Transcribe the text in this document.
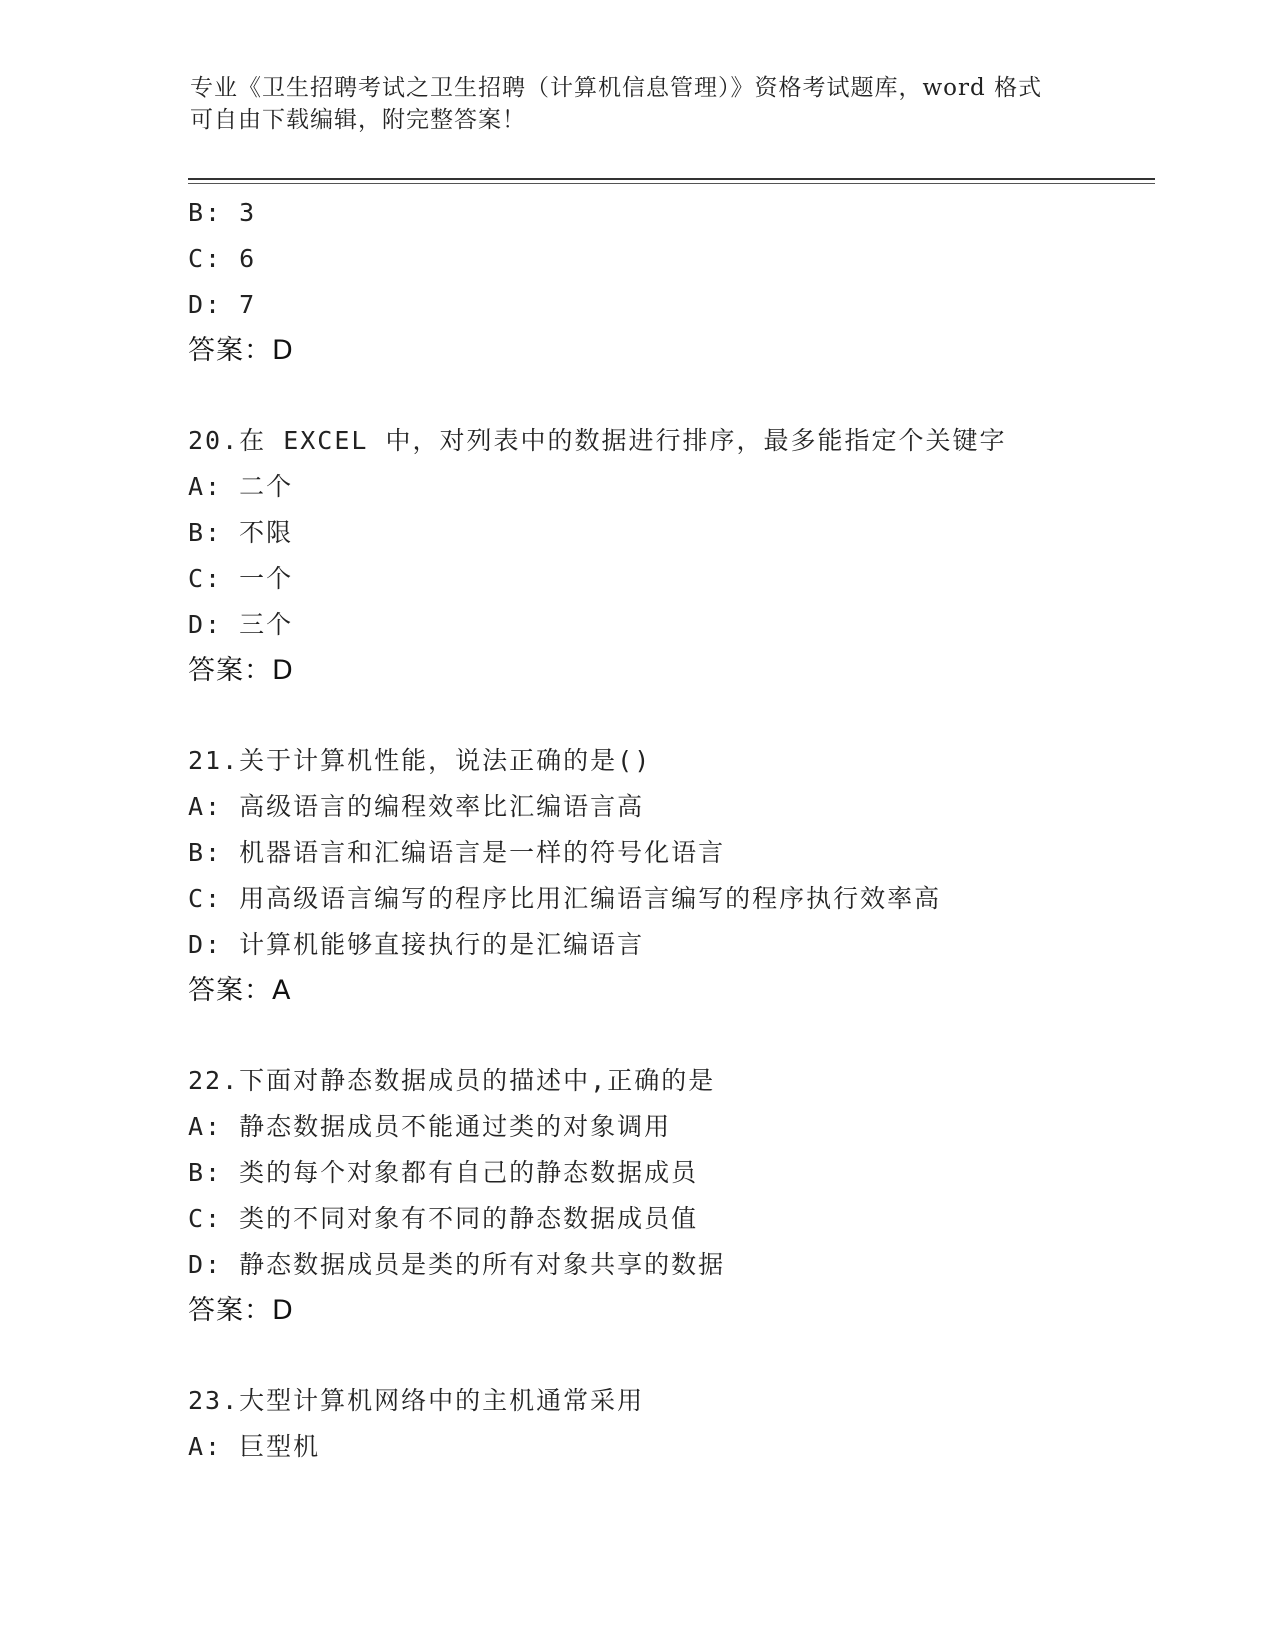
专业《卫生招聘考试之卫生招聘（计算机信息管理）》资格考试题库，word 格式
可自由下载编辑，附完整答案！
B: 3
C: 6
D: 7
答案：D
20.在 EXCEL 中，对列表中的数据进行排序，最多能指定个关键字
A: 二个
B: 不限
C: 一个
D: 三个
答案：D
21.关于计算机性能，说法正确的是()
A: 高级语言的编程效率比汇编语言高
B: 机器语言和汇编语言是一样的符号化语言
C: 用高级语言编写的程序比用汇编语言编写的程序执行效率高
D: 计算机能够直接执行的是汇编语言
答案：A
22.下面对静态数据成员的描述中,正确的是
A: 静态数据成员不能通过类的对象调用
B: 类的每个对象都有自己的静态数据成员
C: 类的不同对象有不同的静态数据成员值
D: 静态数据成员是类的所有对象共享的数据
答案：D
23.大型计算机网络中的主机通常采用
A: 巨型机
